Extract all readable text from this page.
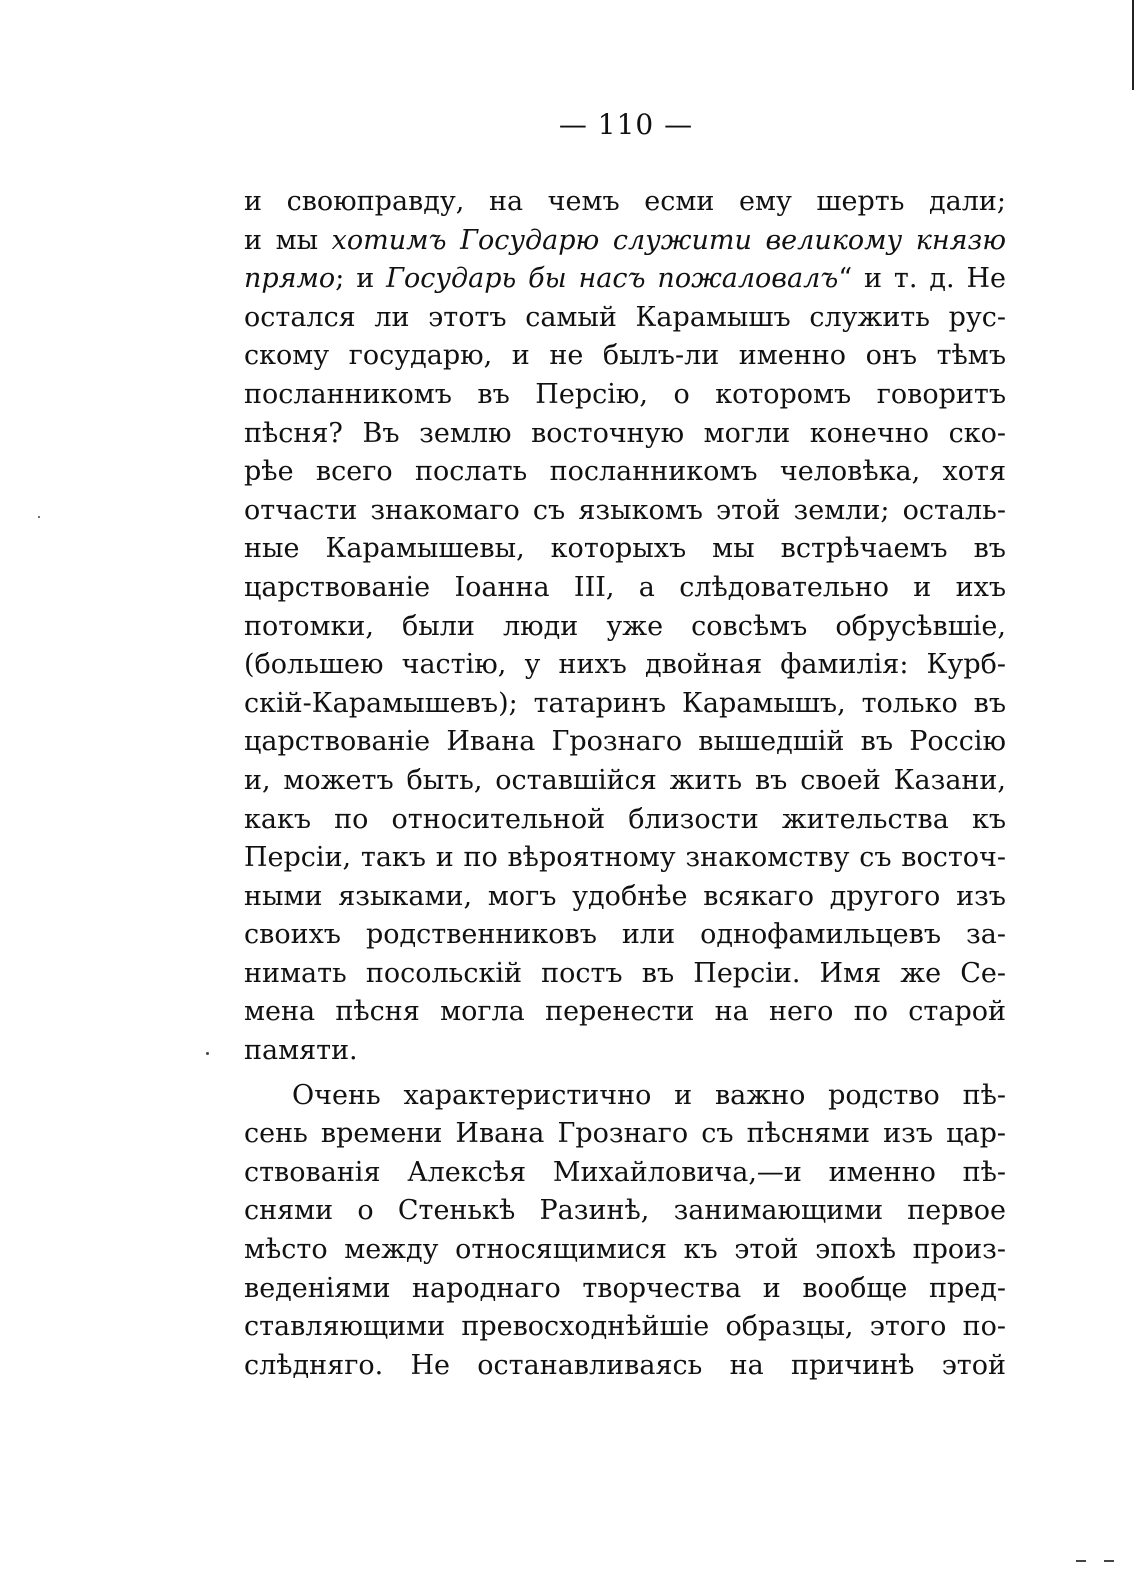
— 110 —
и своюправду, на чемъ есми ему шерть дали;
и мы хотимъ Государю служити великому князю
прямо; и Государь бы насъ пожаловалъ“ и т. д. Не
остался ли этотъ самый Карамышъ служить рус-
скому государю, и не былъ-ли именно онъ тѣмъ
посланникомъ въ Персію, о которомъ говоритъ
пѣсня? Въ землю восточную могли конечно ско-
рѣе всего послать посланникомъ человѣка, хотя
отчасти знакомаго съ языкомъ этой земли; осталь-
ные Карамышевы, которыхъ мы встрѣчаемъ въ
царствованіе Іоанна III, а слѣдовательно и ихъ
потомки, были люди уже совсѣмъ обрусѣвшіе,
(большею частію, у нихъ двойная фамилія: Курб-
скій-Карамышевъ); татаринъ Карамышъ, только въ
царствованіе Ивана Грознаго вышедшій въ Россію
и, можетъ быть, оставшійся жить въ своей Казани,
какъ по относительной близости жительства къ
Персіи, такъ и по вѣроятному знакомству съ восточ-
ными языками, могъ удобнѣе всякаго другого изъ
своихъ родственниковъ или однофамильцевъ за-
нимать посольскій постъ въ Персіи. Имя же Се-
мена пѣсня могла перенести на него по старой
памяти.
Очень характеристично и важно родство пѣ-
сень времени Ивана Грознаго съ пѣснями изъ цар-
ствованія Алексѣя Михайловича,—и именно пѣ-
снями о Стенькѣ Разинѣ, занимающими первое
мѣсто между относящимися къ этой эпохѣ произ-
веденіями народнаго творчества и вообще пред-
ставляющими превосходнѣйшіе образцы, этого по-
слѣдняго. Не останавливаясь на причинѣ этой
